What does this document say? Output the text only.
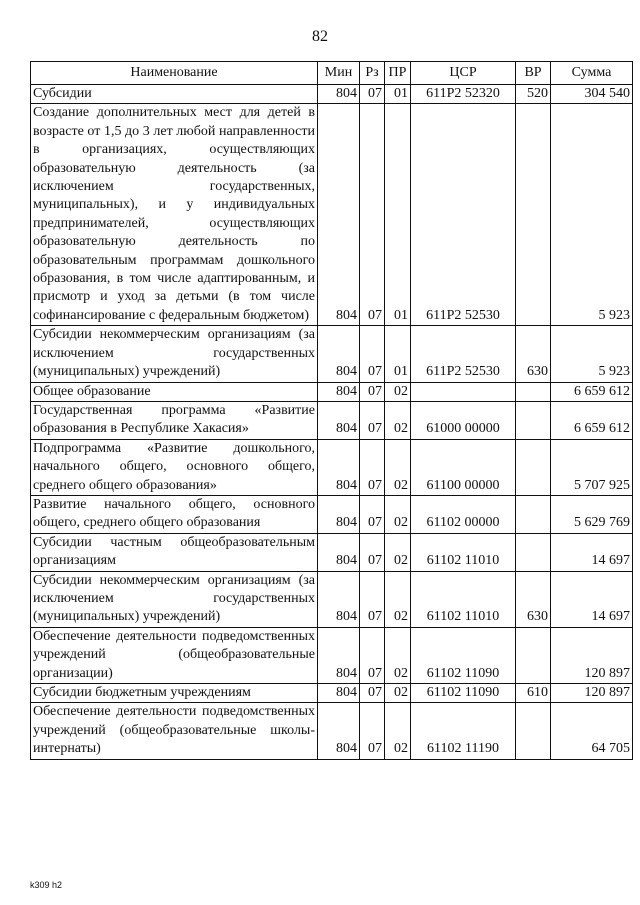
82
Наименование	Мин	Рз	ПР	ЦСР	ВР	Сумма
Субсидии	804	07	01	611Р2 52320	520	304 540
Создание дополнительных мест для детей в возрасте от 1,5 до 3 лет любой направленности в организациях, осуществляющих образовательную деятельность (за исключением государственных, муниципальных), и у индивидуальных предпринимателей, осуществляющих образовательную деятельность по образовательным программам дошкольного образования, в том числе адаптированным, и присмотр и уход за детьми (в том числе софинансирование с федеральным бюджетом)	804	07	01	611Р2 52530		5 923
Субсидии некоммерческим организациям (за исключением государственных (муниципальных) учреждений)	804	07	01	611Р2 52530	630	5 923
Общее образование	804	07	02			6 659 612
Государственная программа «Развитие образования в Республике Хакасия»	804	07	02	61000 00000		6 659 612
Подпрограмма «Развитие дошкольного, начального общего, основного общего, среднего общего образования»	804	07	02	61100 00000		5 707 925
Развитие начального общего, основного общего, среднего общего образования	804	07	02	61102 00000		5 629 769
Субсидии частным общеобразовательным организациям	804	07	02	61102 11010		14 697
Субсидии некоммерческим организациям (за исключением государственных (муниципальных) учреждений)	804	07	02	61102 11010	630	14 697
Обеспечение деятельности подведомственных учреждений (общеобразовательные организации)	804	07	02	61102 11090		120 897
Субсидии бюджетным учреждениям	804	07	02	61102 11090	610	120 897
Обеспечение деятельности подведомственных учреждений (общеобразовательные школы-интернаты)	804	07	02	61102 11190		64 705
k309 h2
